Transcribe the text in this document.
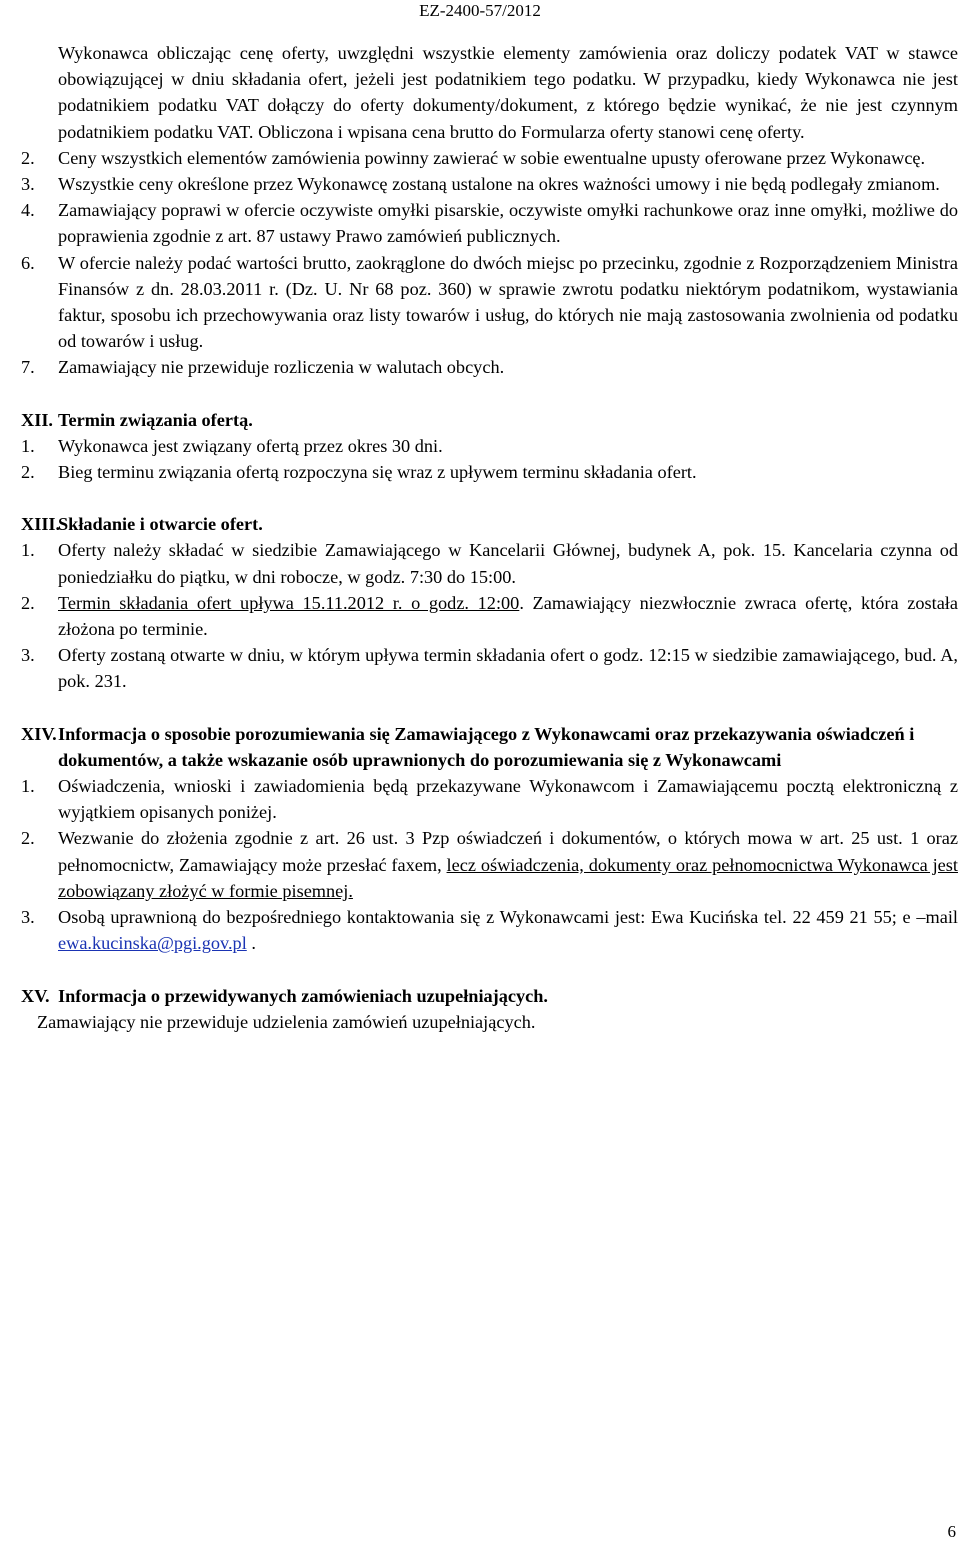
EZ-2400-57/2012

Wykonawca obliczając cenę oferty, uwzględni wszystkie elementy zamówienia oraz doliczy podatek VAT w stawce obowiązującej w dniu składania ofert, jeżeli jest podatnikiem tego podatku. W przypadku, kiedy Wykonawca nie jest podatnikiem podatku VAT dołączy do oferty dokumenty/dokument, z którego będzie wynikać, że nie jest czynnym podatnikiem podatku VAT. Obliczona i wpisana cena brutto do Formularza oferty stanowi cenę oferty.

2. Ceny wszystkich elementów zamówienia powinny zawierać w sobie ewentualne upusty oferowane przez Wykonawcę.
3. Wszystkie ceny określone przez Wykonawcę zostaną ustalone na okres ważności umowy i nie będą podlegały zmianom.
4. Zamawiający poprawi w ofercie oczywiste omyłki pisarskie, oczywiste omyłki rachunkowe oraz inne omyłki, możliwe do poprawienia zgodnie z art. 87 ustawy Prawo zamówień publicznych.
6. W ofercie należy podać wartości brutto, zaokrąglone do dwóch miejsc po przecinku, zgodnie z Rozporządzeniem Ministra Finansów z dn. 28.03.2011 r. (Dz. U. Nr 68 poz. 360) w sprawie zwrotu podatku niektórym podatnikom, wystawiania faktur, sposobu ich przechowywania oraz listy towarów i usług, do których nie mają zastosowania zwolnienia od podatku od towarów i usług.
7. Zamawiający nie przewiduje rozliczenia w walutach obcych.
XII. Termin związania ofertą.
1. Wykonawca jest związany ofertą przez okres 30 dni.
2. Bieg terminu związania ofertą rozpoczyna się wraz z upływem terminu składania ofert.
XIII.
Składanie i otwarcie ofert.
1. Oferty należy składać w siedzibie Zamawiającego w Kancelarii Głównej, budynek A, pok. 15. Kancelaria czynna od poniedziałku do piątku, w dni robocze, w godz. 7:30 do 15:00.
2. Termin składania ofert upływa 15.11.2012 r. o godz. 12:00. Zamawiający niezwłocznie zwraca ofertę, która została złożona po terminie.
3. Oferty zostaną otwarte w dniu, w którym upływa termin składania ofert o godz. 12:15 w siedzibie zamawiającego, bud. A, pok. 231.
XIV. Informacja o sposobie porozumiewania się Zamawiającego z Wykonawcami oraz przekazywania oświadczeń i dokumentów, a także wskazanie osób uprawnionych do porozumiewania się z Wykonawcami
1. Oświadczenia, wnioski i zawiadomienia będą przekazywane Wykonawcom i Zamawiającemu pocztą elektroniczną z wyjątkiem opisanych poniżej.
2. Wezwanie do złożenia zgodnie z art. 26 ust. 3 Pzp oświadczeń i dokumentów, o których mowa w art. 25 ust. 1 oraz pełnomocnictw, Zamawiający może przesłać faxem, lecz oświadczenia, dokumenty oraz pełnomocnictwa Wykonawca jest zobowiązany złożyć w formie pisemnej.
3. Osobą uprawnioną do bezpośredniego kontaktowania się z Wykonawcami jest: Ewa Kucińska tel. 22 459 21 55; e –mail ewa.kucinska@pgi.gov.pl .
XV. Informacja o przewidywanych zamówieniach uzupełniających.
Zamawiający nie przewiduje udzielenia zamówień uzupełniających.
6
